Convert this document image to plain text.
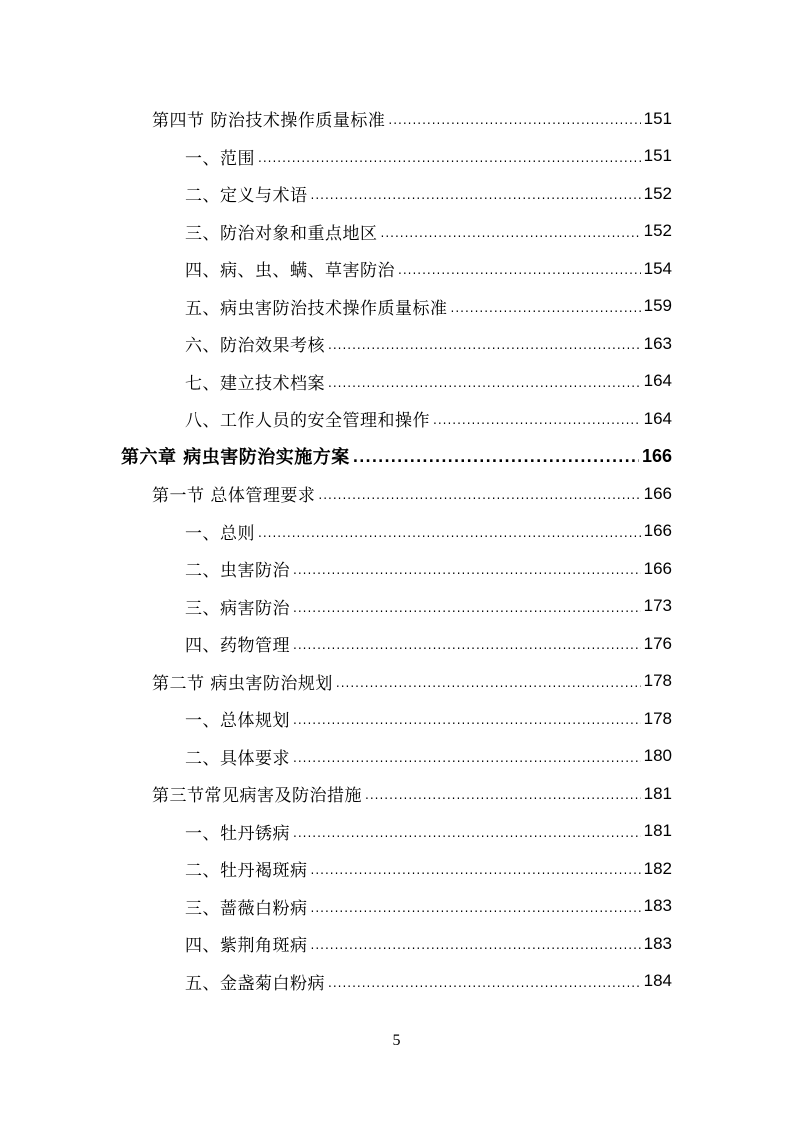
第四节 防治技术操作质量标准 .....	151
一、范围 .....	151
二、定义与术语 .....	152
三、防治对象和重点地区 .....	152
四、病、虫、螨、草害防治 .....	154
五、病虫害防治技术操作质量标准 .....	159
六、防治效果考核 .....	163
七、建立技术档案 .....	164
八、工作人员的安全管理和操作 .....	164
第六章 病虫害防治实施方案 .....	166
第一节 总体管理要求 .....	166
一、总则 .....	166
二、虫害防治 .....	166
三、病害防治 .....	173
四、药物管理 .....	176
第二节 病虫害防治规划 .....	178
一、总体规划 .....	178
二、具体要求 .....	180
第三节常见病害及防治措施 .....	181
一、牡丹锈病 .....	181
二、牡丹褐斑病 .....	182
三、蔷薇白粉病 .....	183
四、紫荆角斑病 .....	183
五、金盏菊白粉病 .....	184
5
